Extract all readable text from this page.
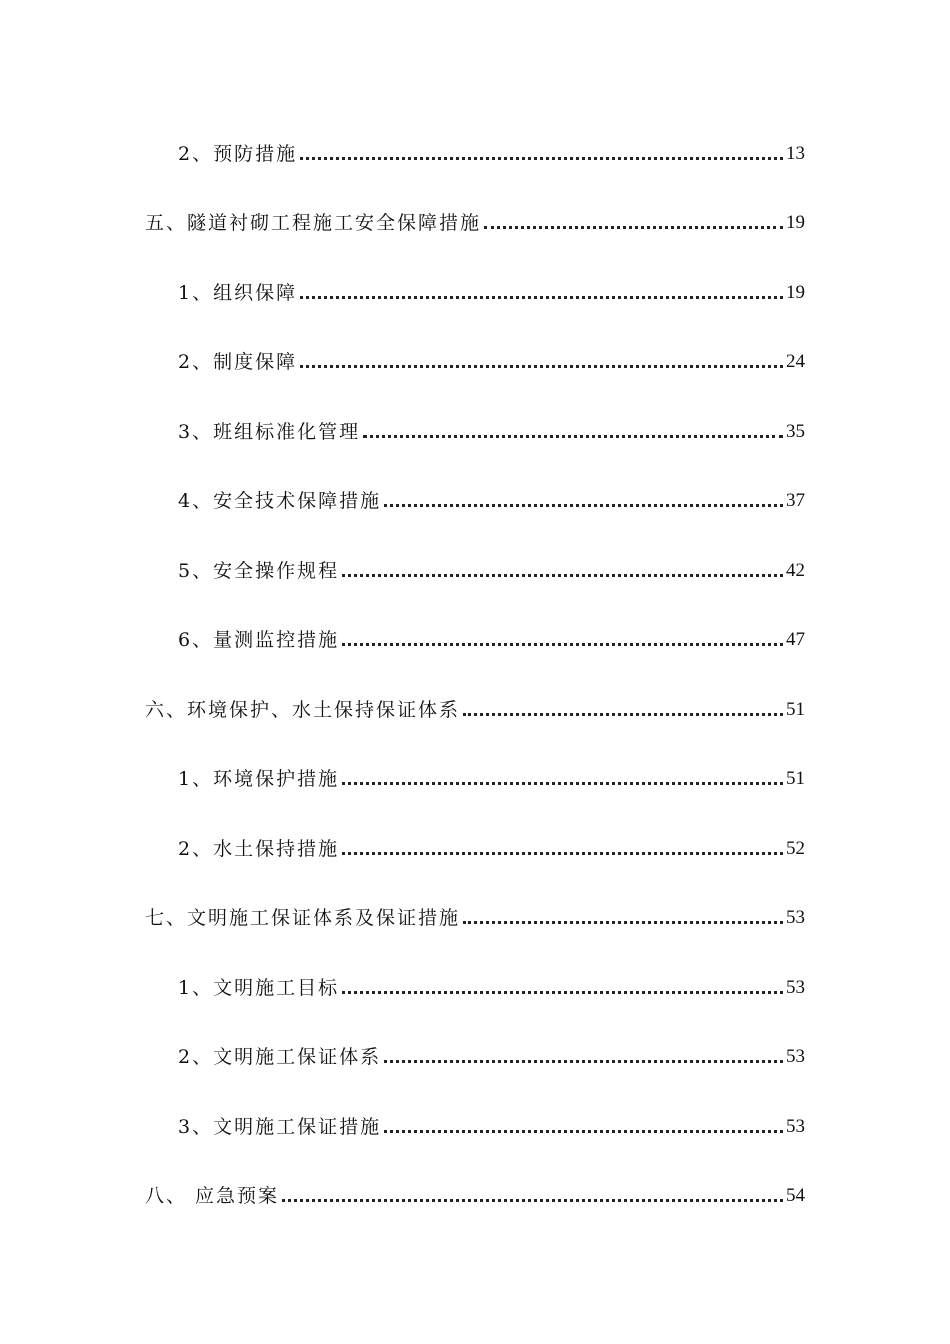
2、预防措施	13
五、隧道衬砌工程施工安全保障措施	19
1、组织保障	19
2、制度保障	24
3、班组标准化管理	35
4、安全技术保障措施	37
5、安全操作规程	42
6、量测监控措施	47
六、环境保护、水土保持保证体系	51
1、环境保护措施	51
2、水土保持措施	52
七、文明施工保证体系及保证措施	53
1、文明施工目标	53
2、文明施工保证体系	53
3、文明施工保证措施	53
八、 应急预案	54
